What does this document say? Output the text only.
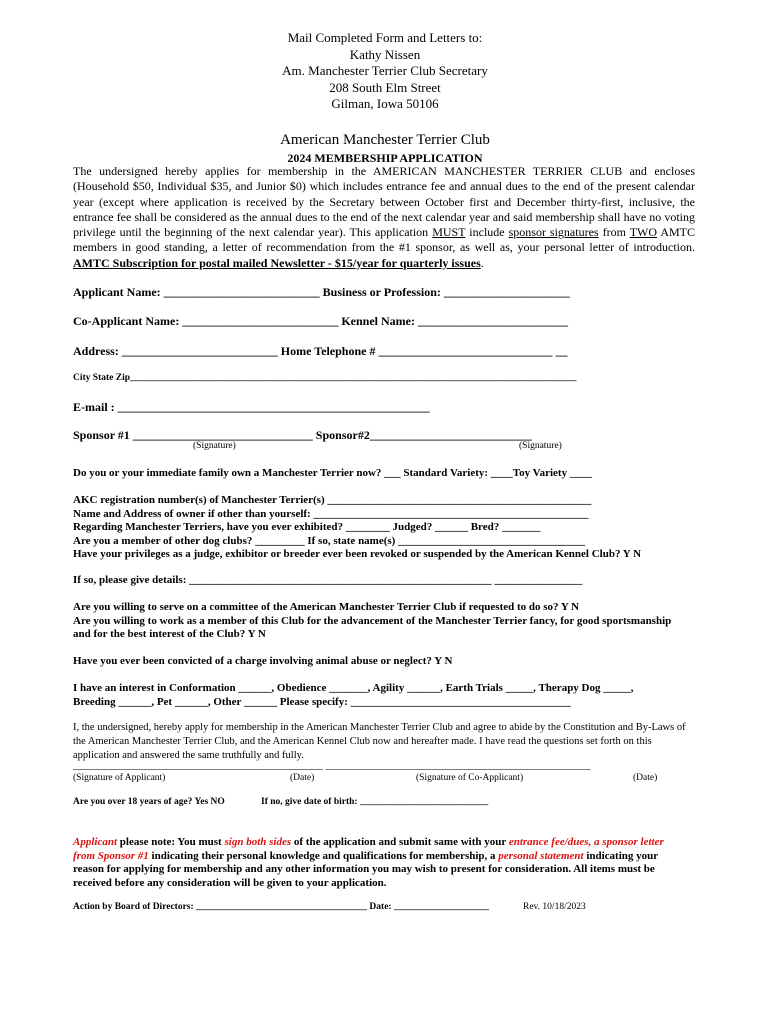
Mail Completed Form and Letters to:
Kathy Nissen
Am. Manchester Terrier Club Secretary
208 South Elm Street
Gilman, Iowa 50106
American Manchester Terrier Club
2024 MEMBERSHIP APPLICATION
The undersigned hereby applies for membership in the AMERICAN MANCHESTER TERRIER CLUB and encloses (Household $50, Individual $35, and Junior $0) which includes entrance fee and annual dues to the end of the present calendar year (except where application is received by the Secretary between October first and December thirty-first, inclusive, the entrance fee shall be considered as the annual dues to the end of the next calendar year and said membership shall have no voting privilege until the beginning of the next calendar year). This application MUST include sponsor signatures from TWO AMTC members in good standing, a letter of recommendation from the #1 sponsor, as well as, your personal letter of introduction. AMTC Subscription for postal mailed Newsletter - $15/year for quarterly issues.
Applicant Name: __________________________ Business or Profession: _____________________
Co-Applicant Name: __________________________ Kennel Name: _________________________
Address: __________________________ Home Telephone # _____________________________ __
City State Zip______________________________________________________________________________________________
E-mail : ____________________________________________________
Sponsor #1 ______________________________ Sponsor#2___________________________
(Signature)	(Signature)
Do you or your immediate family own a Manchester Terrier now? ___ Standard Variety: ____Toy Variety ____
AKC registration number(s) of Manchester Terrier(s) ________________________________________________
Name and Address of owner if other than yourself: __________________________________________________
Regarding Manchester Terriers, have you ever exhibited? ________ Judged? ______ Bred? _______
Are you a member of other dog clubs? _________ If so, state name(s) __________________________________
Have your privileges as a judge, exhibitor or breeder ever been revoked or suspended by the American Kennel Club? Y N
If so, please give details: _______________________________________________________ ________________
Are you willing to serve on a committee of the American Manchester Terrier Club if requested to do so? Y N
Are you willing to work as a member of this Club for the advancement of the Manchester Terrier fancy, for good sportsmanship
and for the best interest of the Club? Y N
Have you ever been convicted of a charge involving animal abuse or neglect? Y N
I have an interest in Conformation ______, Obedience _______, Agility ______, Earth Trials _____, Therapy Dog _____,
Breeding ______, Pet ______, Other ______ Please specify: ________________________________________
I, the undersigned, hereby apply for membership in the American Manchester Terrier Club and agree to abide by the Constitution and By-Laws of the American Manchester Terrier Club, and the American Kennel Club now and hereafter made. I have read the questions set forth on this application and answered the same truthfully and fully.
__________________________________________________ _____________________________________________________
(Signature of Applicant)	(Date)	(Signature of Co-Applicant)	(Date)
Are you over 18 years of age? Yes NO	If no, give date of birth: ___________________________
Applicant please note: You must sign both sides of the application and submit same with your entrance fee/dues, a sponsor letter from Sponsor #1 indicating their personal knowledge and qualifications for membership, a personal statement indicating your reason for applying for membership and any other information you may wish to present for consideration. All items must be received before any consideration will be given to your application.
Action by Board of Directors: ____________________________________ Date: ____________________	Rev. 10/18/2023
